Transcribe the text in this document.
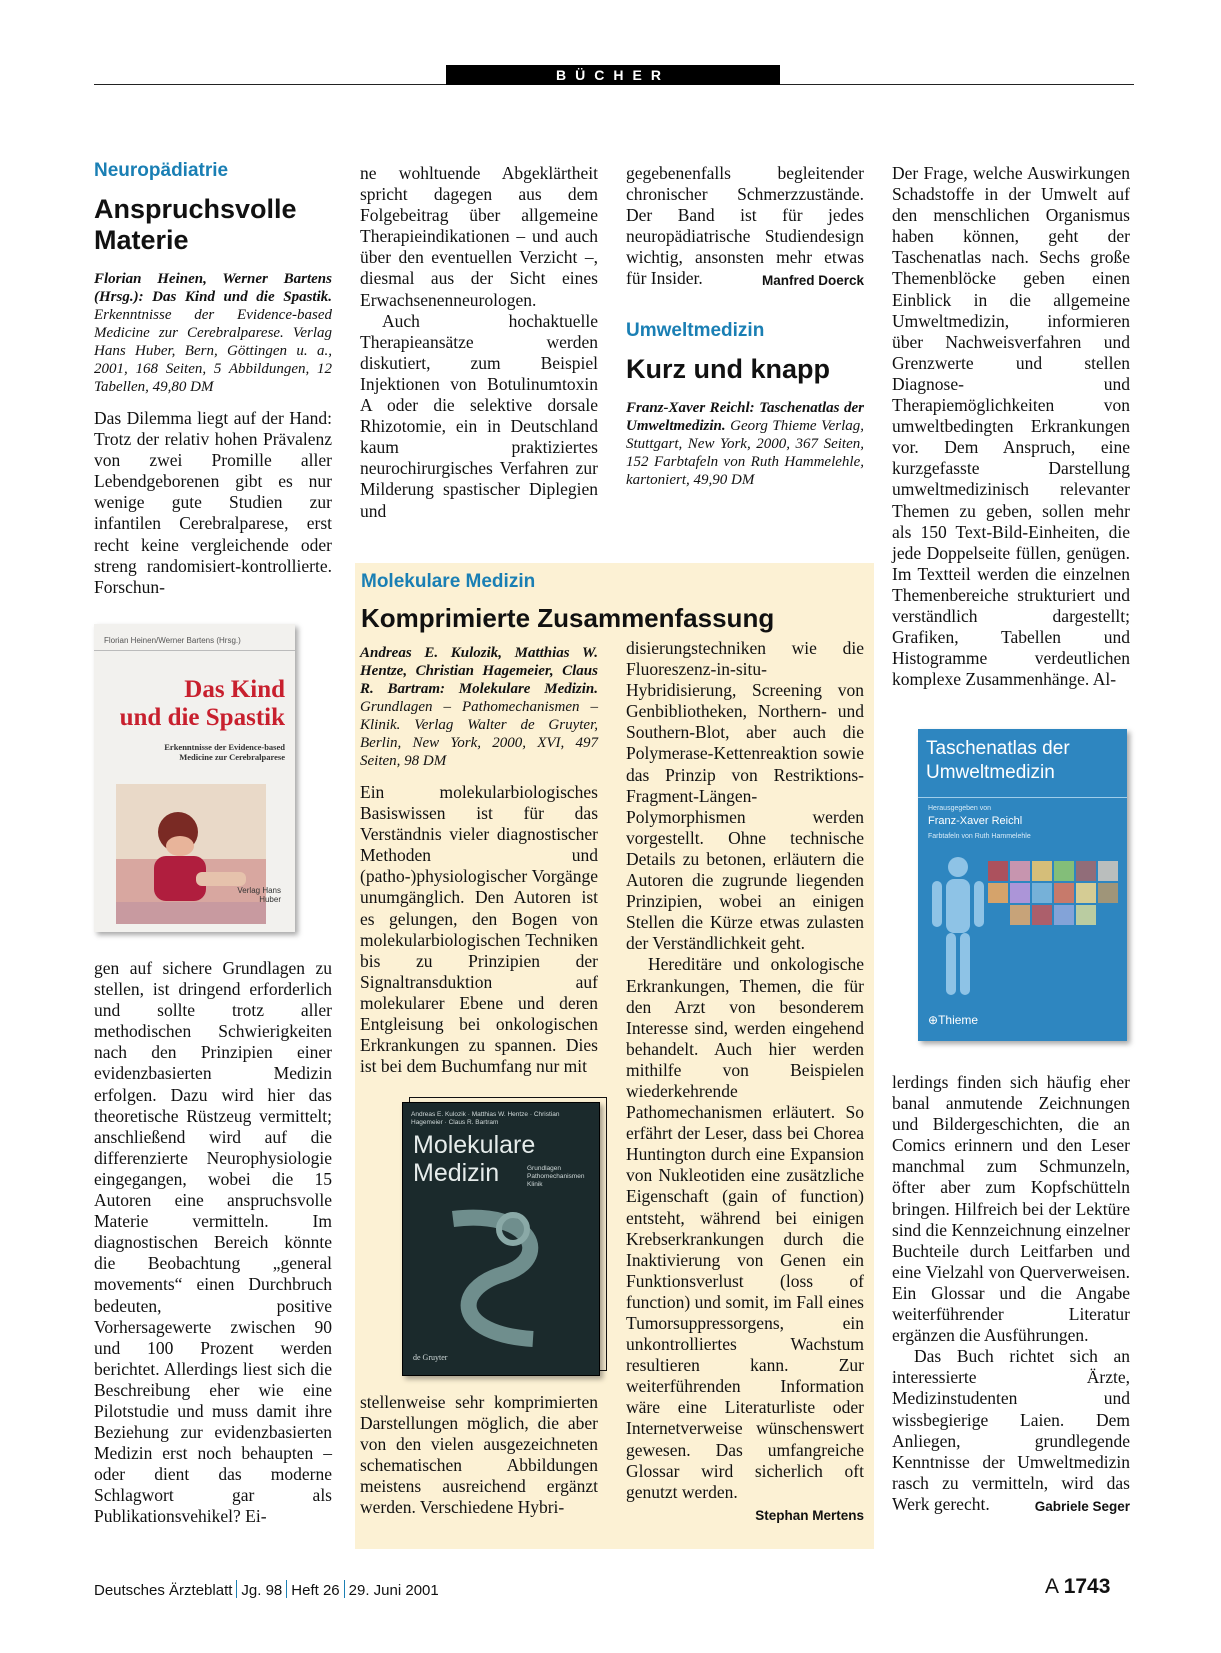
BÜCHER
Neuropädiatrie
Anspruchsvolle Materie

Florian Heinen, Werner Bartens (Hrsg.): Das Kind und die Spastik. Erkenntnisse der Evidence-based Medicine zur Cerebralparese. Verlag Hans Huber, Bern, Göttingen u. a., 2001, 168 Seiten, 5 Abbildungen, 12 Tabellen, 49,80 DM

Das Dilemma liegt auf der Hand: Trotz der relativ hohen Prävalenz von zwei Promille aller Lebendgeborenen gibt es nur wenige gute Studien zur infantilen Cerebralparese, erst recht keine vergleichende oder streng randomisiert-kontrollierte. Forschun-

Florian Heinen/Werner Bartens (Hrsg.)
Das Kind
und die Spastik
Erkenntnisse der Evidence-based Medicine zur Cerebralparese
Verlag Hans Huber

gen auf sichere Grundlagen zu stellen, ist dringend erforderlich und sollte trotz aller methodischen Schwierigkeiten nach den Prinzipien einer evidenzbasierten Medizin erfolgen. Dazu wird hier das theoretische Rüstzeug vermittelt; anschließend wird auf die differenzierte Neurophysiologie eingegangen, wobei die 15 Autoren eine anspruchsvolle Materie vermitteln. Im diagnostischen Bereich könnte die Beobachtung „general movements“ einen Durchbruch bedeuten, positive Vorhersagewerte zwischen 90 und 100 Prozent werden berichtet. Allerdings liest sich die Beschreibung eher wie eine Pilotstudie und muss damit ihre Beziehung zur evidenzbasierten Medizin erst noch behaupten – oder dient das moderne Schlagwort gar als Publikationsvehikel? Ei-

ne wohltuende Abgeklärtheit spricht dagegen aus dem Folgebeitrag über allgemeine Therapieindikationen – und auch über den eventuellen Verzicht –, diesmal aus der Sicht eines Erwachsenenneurologen.

Auch hochaktuelle Therapieansätze werden diskutiert, zum Beispiel Injektionen von Botulinumtoxin A oder die selektive dorsale Rhizotomie, ein in Deutschland kaum praktiziertes neurochirurgisches Verfahren zur Milderung spastischer Diplegien und

gegebenenfalls begleitender chronischer Schmerzzustände. Der Band ist für jedes neuropädiatrische Studiendesign wichtig, ansonsten mehr etwas für Insider.	Manfred Doerck

Umweltmedizin
Kurz und knapp

Franz-Xaver Reichl: Taschenatlas der Umweltmedizin. Georg Thieme Verlag, Stuttgart, New York, 2000, 367 Seiten, 152 Farbtafeln von Ruth Hammelehle, kartoniert, 49,90 DM

Der Frage, welche Auswirkungen Schadstoffe in der Umwelt auf den menschlichen Organismus haben können, geht der Taschenatlas nach. Sechs große Themenblöcke geben einen Einblick in die allgemeine Umweltmedizin, informieren über Nachweisverfahren und Grenzwerte und stellen Diagnose- und Therapiemöglichkeiten von umweltbedingten Erkrankungen vor. Dem Anspruch, eine kurzgefasste Darstellung umweltmedizinisch relevanter Themen zu geben, sollen mehr als 150 Text-Bild-Einheiten, die jede Doppelseite füllen, genügen. Im Textteil werden die einzelnen Themenbereiche strukturiert und verständlich dargestellt; Grafiken, Tabellen und Histogramme verdeutlichen komplexe Zusammenhänge. Al-

Taschenatlas der
Umweltmedizin
Herausgegeben von
Franz-Xaver Reichl
Farbtafeln von Ruth Hammelehle
⊕Thieme

lerdings finden sich häufig eher banal anmutende Zeichnungen und Bildergeschichten, die an Comics erinnern und den Leser manchmal zum Schmunzeln, öfter aber zum Kopfschütteln bringen. Hilfreich bei der Lektüre sind die Kennzeichnung einzelner Buchteile durch Leitfarben und eine Vielzahl von Querverweisen. Ein Glossar und die Angabe weiterführender Literatur ergänzen die Ausführungen.

Das Buch richtet sich an interessierte Ärzte, Medizinstudenten und wissbegierige Laien. Dem Anliegen, grundlegende Kenntnisse der Umweltmedizin rasch zu vermitteln, wird das Werk gerecht.	Gabriele Seger

Molekulare Medizin
Komprimierte Zusammenfassung

Andreas E. Kulozik, Matthias W. Hentze, Christian Hagemeier, Claus R. Bartram: Molekulare Medizin. Grundlagen – Pathomechanismen – Klinik. Verlag Walter de Gruyter, Berlin, New York, 2000, XVI, 497 Seiten, 98 DM

Ein molekularbiologisches Basiswissen ist für das Verständnis vieler diagnostischer Methoden und (patho-)physiologischer Vorgänge unumgänglich. Den Autoren ist es gelungen, den Bogen von molekularbiologischen Techniken bis zu Prinzipien der Signaltransduktion auf molekularer Ebene und deren Entgleisung bei onkologischen Erkrankungen zu spannen. Dies ist bei dem Buchumfang nur mit

Andreas E. Kulozik · Matthias W. Hentze · Christian Hagemeier · Claus R. Bartram
Molekulare
Medizin	Grundlagen Pathomechanismen Klinik
de Gruyter

stellenweise sehr komprimierten Darstellungen möglich, die aber von den vielen ausgezeichneten schematischen Abbildungen meistens ausreichend ergänzt werden. Verschiedene Hybri-

disierungstechniken wie die Fluoreszenz-in-situ-Hybridisierung, Screening von Genbibliotheken, Northern- und Southern-Blot, aber auch die Polymerase-Kettenreaktion sowie das Prinzip von Restriktions-Fragment-Längen-Polymorphismen werden vorgestellt. Ohne technische Details zu betonen, erläutern die Autoren die zugrunde liegenden Prinzipien, wobei an einigen Stellen die Kürze etwas zulasten der Verständlichkeit geht.

Hereditäre und onkologische Erkrankungen, Themen, die für den Arzt von besonderem Interesse sind, werden eingehend behandelt. Auch hier werden mithilfe von Beispielen wiederkehrende Pathomechanismen erläutert. So erfährt der Leser, dass bei Chorea Huntington durch eine Expansion von Nukleotiden eine zusätzliche Eigenschaft (gain of function) entsteht, während bei einigen Krebserkrankungen durch die Inaktivierung von Genen ein Funktionsverlust (loss of function) und somit, im Fall eines Tumorsuppressorgens, ein unkontrolliertes Wachstum resultieren kann. Zur weiterführenden Information wäre eine Literaturliste oder Internetverweise wünschenswert gewesen. Das umfangreiche Glossar wird sicherlich oft genutzt werden.
Stephan Mertens

Deutsches Ärzteblatt Jg. 98 Heft 26 29. Juni 2001	A 1743
